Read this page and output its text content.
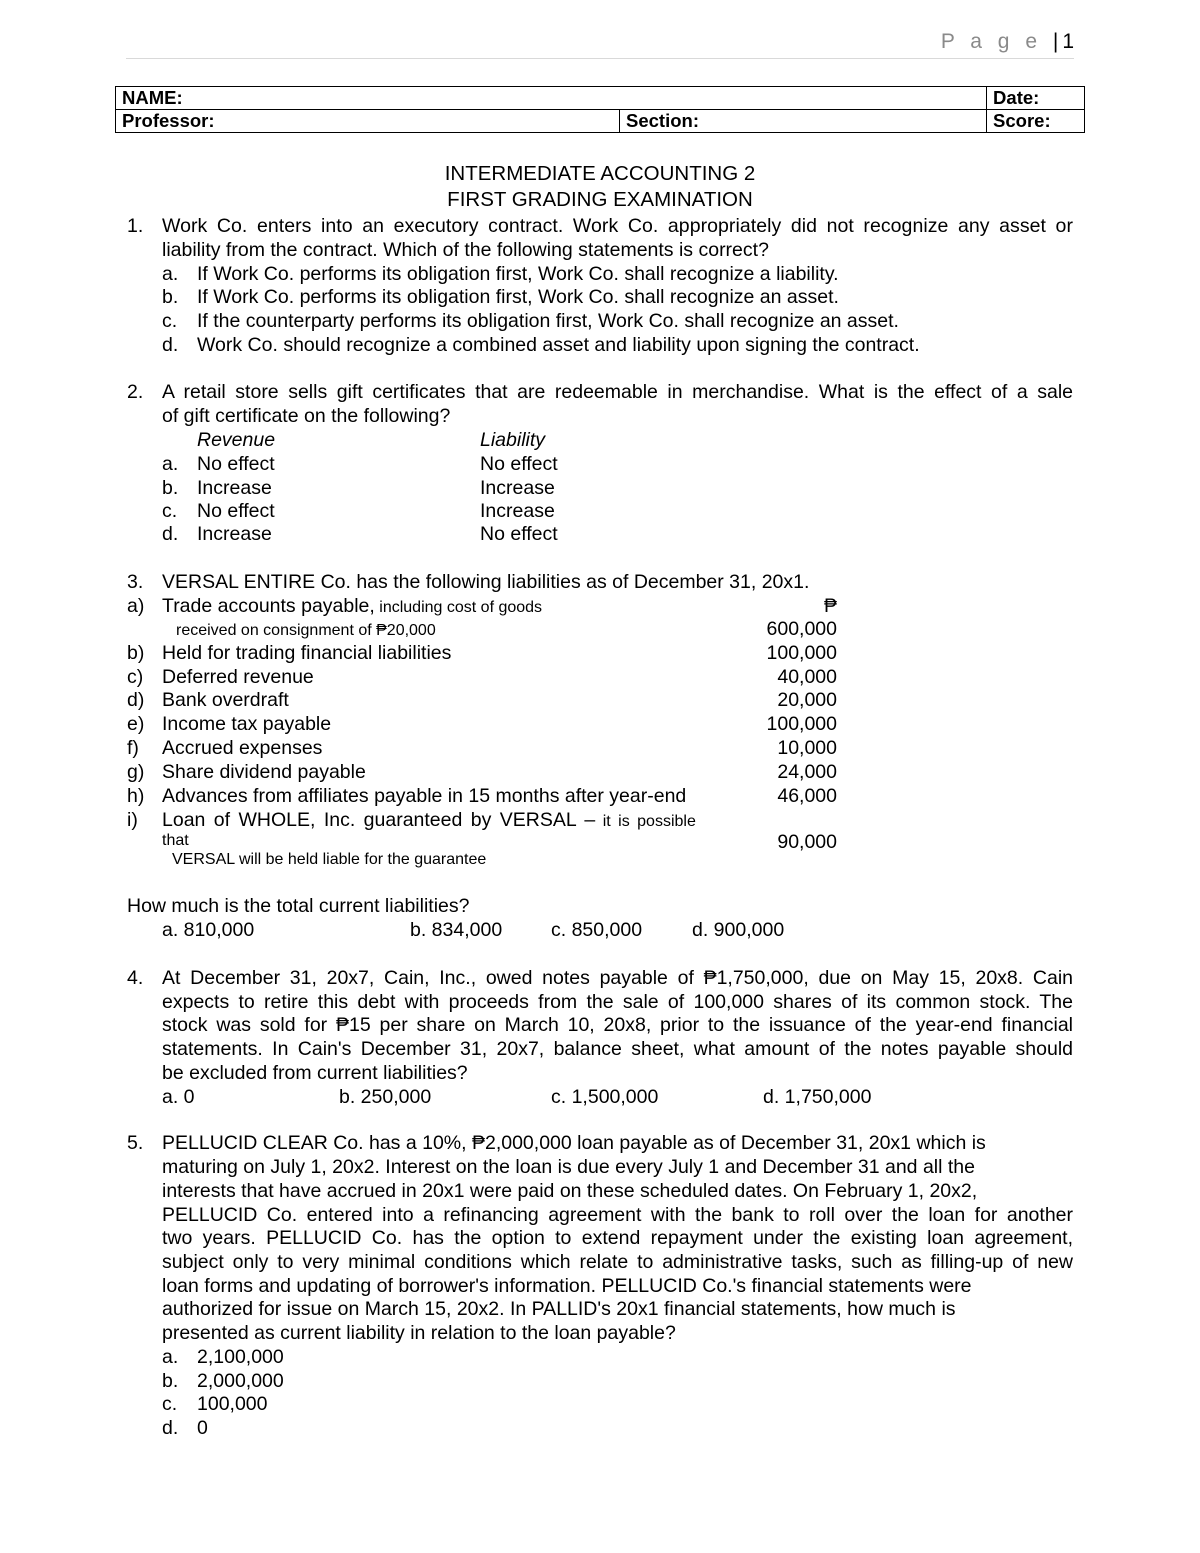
P a g e | 1
NAME:		Date:
Professor:	Section:	Score:
INTERMEDIATE ACCOUNTING 2
FIRST GRADING EXAMINATION
1. Work Co. enters into an executory contract. Work Co. appropriately did not recognize any asset or
liability from the contract. Which of the following statements is correct?
a. If Work Co. performs its obligation first, Work Co. shall recognize a liability.
b. If Work Co. performs its obligation first, Work Co. shall recognize an asset.
c. If the counterparty performs its obligation first, Work Co. shall recognize an asset.
d. Work Co. should recognize a combined asset and liability upon signing the contract.
2. A retail store sells gift certificates that are redeemable in merchandise. What is the effect of a sale
of gift certificate on the following?
Revenue	Liability
a. No effect	No effect
b. Increase	Increase
c. No effect	Increase
d. Increase	No effect
3. VERSAL ENTIRE Co. has the following liabilities as of December 31, 20x1.
a) Trade accounts payable, including cost of goods	₱
received on consignment of ₱20,000	600,000
b) Held for trading financial liabilities	100,000
c) Deferred revenue	40,000
d) Bank overdraft	20,000
e) Income tax payable	100,000
f) Accrued expenses	10,000
g) Share dividend payable	24,000
h) Advances from affiliates payable in 15 months after year-end	46,000
i) Loan of WHOLE, Inc. guaranteed by VERSAL – it is possible
that	90,000
VERSAL will be held liable for the guarantee
How much is the total current liabilities?
a. 810,000	b. 834,000	c. 850,000	d. 900,000
4. At December 31, 20x7, Cain, Inc., owed notes payable of ₱1,750,000, due on May 15, 20x8. Cain
expects to retire this debt with proceeds from the sale of 100,000 shares of its common stock. The
stock was sold for ₱15 per share on March 10, 20x8, prior to the issuance of the year-end financial
statements. In Cain's December 31, 20x7, balance sheet, what amount of the notes payable should
be excluded from current liabilities?
a. 0	b. 250,000	c. 1,500,000	d. 1,750,000
5. PELLUCID CLEAR Co. has a 10%, ₱2,000,000 loan payable as of December 31, 20x1 which is
maturing on July 1, 20x2. Interest on the loan is due every July 1 and December 31 and all the
interests that have accrued in 20x1 were paid on these scheduled dates. On February 1, 20x2,
PELLUCID Co. entered into a refinancing agreement with the bank to roll over the loan for another
two years. PELLUCID Co. has the option to extend repayment under the existing loan agreement,
subject only to very minimal conditions which relate to administrative tasks, such as filling-up of new
loan forms and updating of borrower's information. PELLUCID Co.'s financial statements were
authorized for issue on March 15, 20x2. In PALLID's 20x1 financial statements, how much is
presented as current liability in relation to the loan payable?
a. 2,100,000
b. 2,000,000
c. 100,000
d. 0
